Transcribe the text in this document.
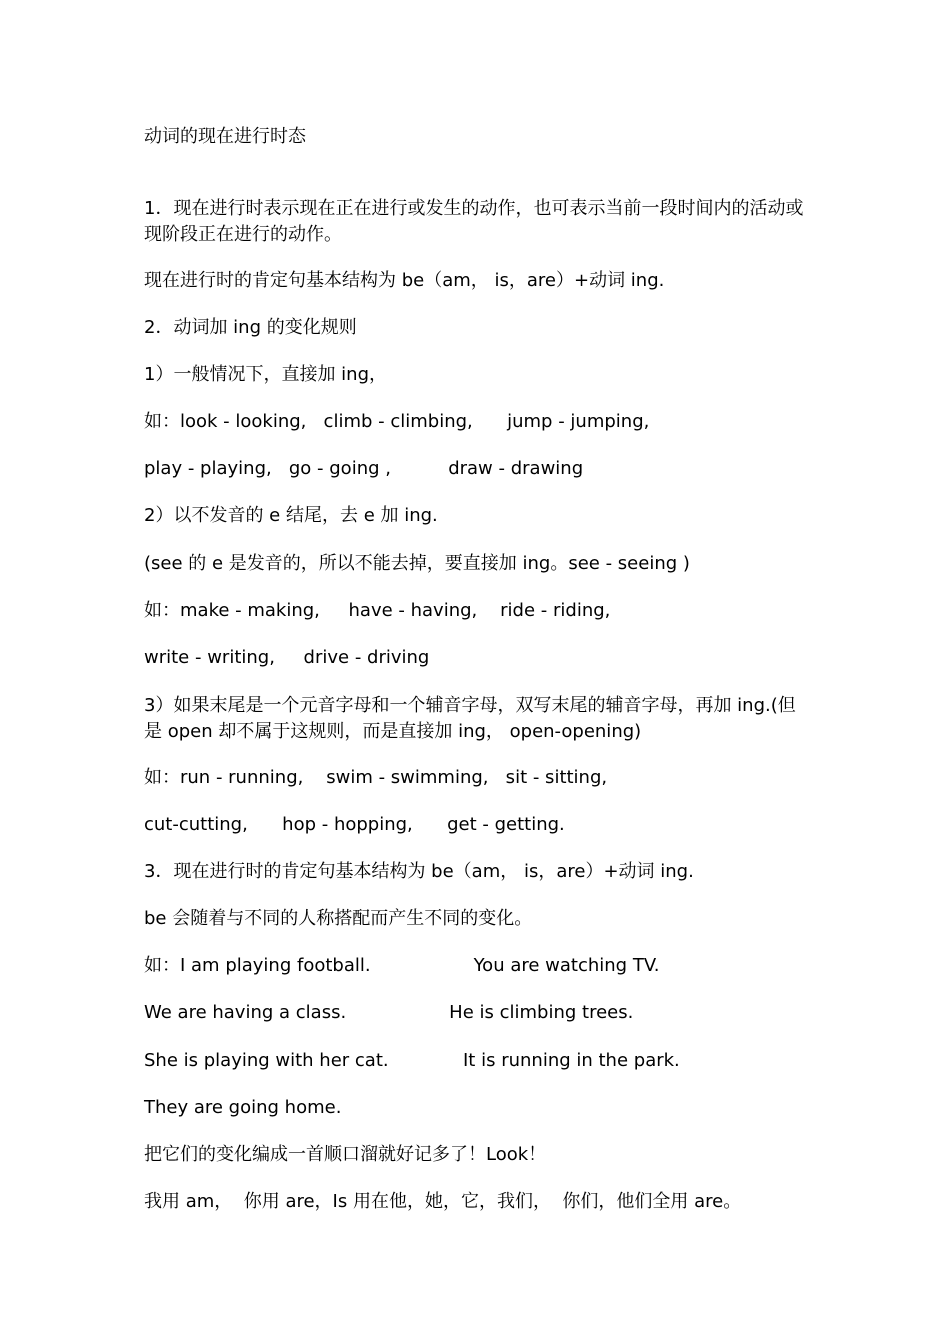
动词的现在进行时态
1．现在进行时表示现在正在进行或发生的动作，也可表示当前一段时间内的活动或现阶段正在进行的动作。
现在进行时的肯定句基本结构为 be（am， is，are）+动词 ing.
2．动词加 ing 的变化规则
1）一般情况下，直接加 ing，
如：look - looking,   climb - climbing,      jump - jumping,
play - playing,   go - going ,          draw - drawing
2）以不发音的 e 结尾，去 e 加 ing.
(see 的 e 是发音的，所以不能去掉，要直接加 ing。see - seeing )
如：make - making,     have - having,    ride - riding,
write - writing,     drive - driving
3）如果末尾是一个元音字母和一个辅音字母，双写末尾的辅音字母，再加 ing.(但是 open 却不属于这规则，而是直接加 ing， open-opening)
如：run - running,    swim - swimming,   sit - sitting,
cut-cutting,      hop - hopping,      get - getting.
3．现在进行时的肯定句基本结构为 be（am， is，are）+动词 ing.
be 会随着与不同的人称搭配而产生不同的变化。
如：I am playing football.                  You are watching TV.
We are having a class.                  He is climbing trees.
She is playing with her cat.             It is running in the park.
They are going home.
把它们的变化编成一首顺口溜就好记多了！Look！
我用 am，  你用 are，Is 用在他，她，它，我们，  你们，他们全用 are。
